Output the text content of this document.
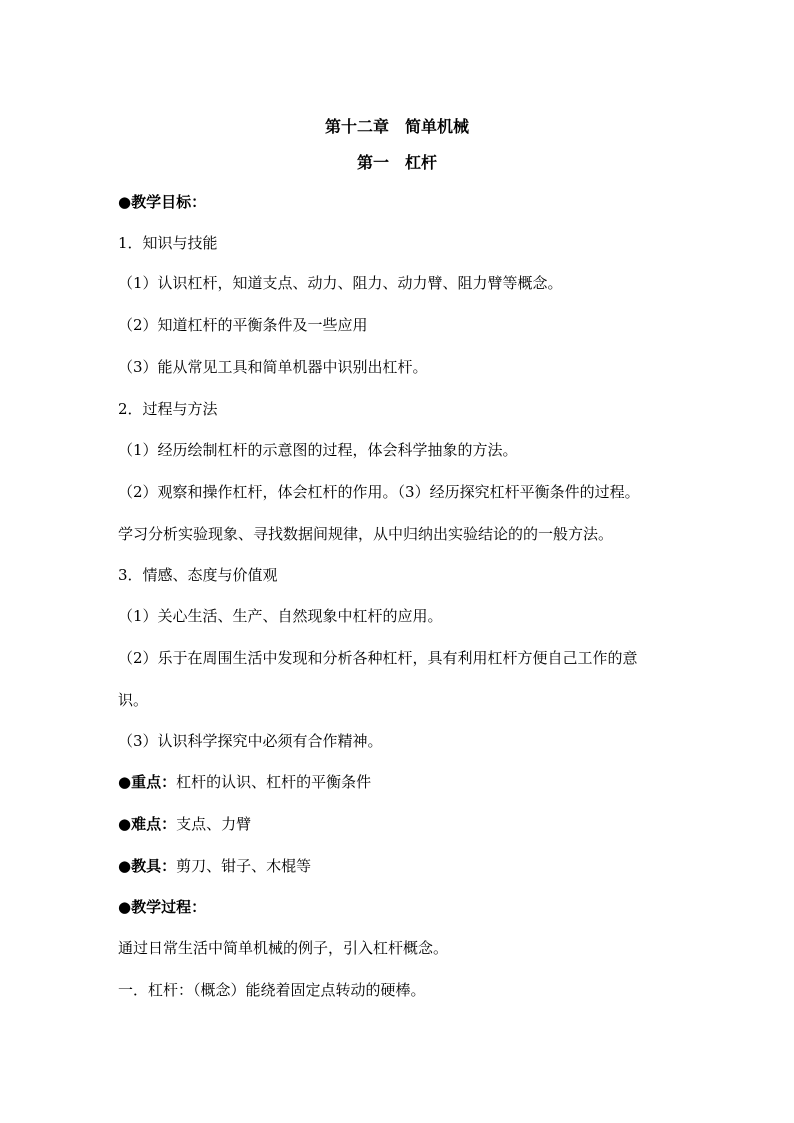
第十二章　简单机械
第一　杠杆
●教学目标：
1．知识与技能
（1）认识杠杆，知道支点、动力、阻力、动力臂、阻力臂等概念。
（2）知道杠杆的平衡条件及一些应用
（3）能从常见工具和简单机器中识别出杠杆。
2．过程与方法
（1）经历绘制杠杆的示意图的过程，体会科学抽象的方法。
（2）观察和操作杠杆，体会杠杆的作用。（3）经历探究杠杆平衡条件的过程。
学习分析实验现象、寻找数据间规律，从中归纳出实验结论的的一般方法。
3．情感、态度与价值观
（1）关心生活、生产、自然现象中杠杆的应用。
（2）乐于在周围生活中发现和分析各种杠杆，具有利用杠杆方便自己工作的意
识。
（3）认识科学探究中必须有合作精神。
●重点：杠杆的认识、杠杆的平衡条件
●难点：支点、力臂
●教具：剪刀、钳子、木棍等
●教学过程：
通过日常生活中简单机械的例子，引入杠杆概念。
一．杠杆：（概念）能绕着固定点转动的硬棒。
